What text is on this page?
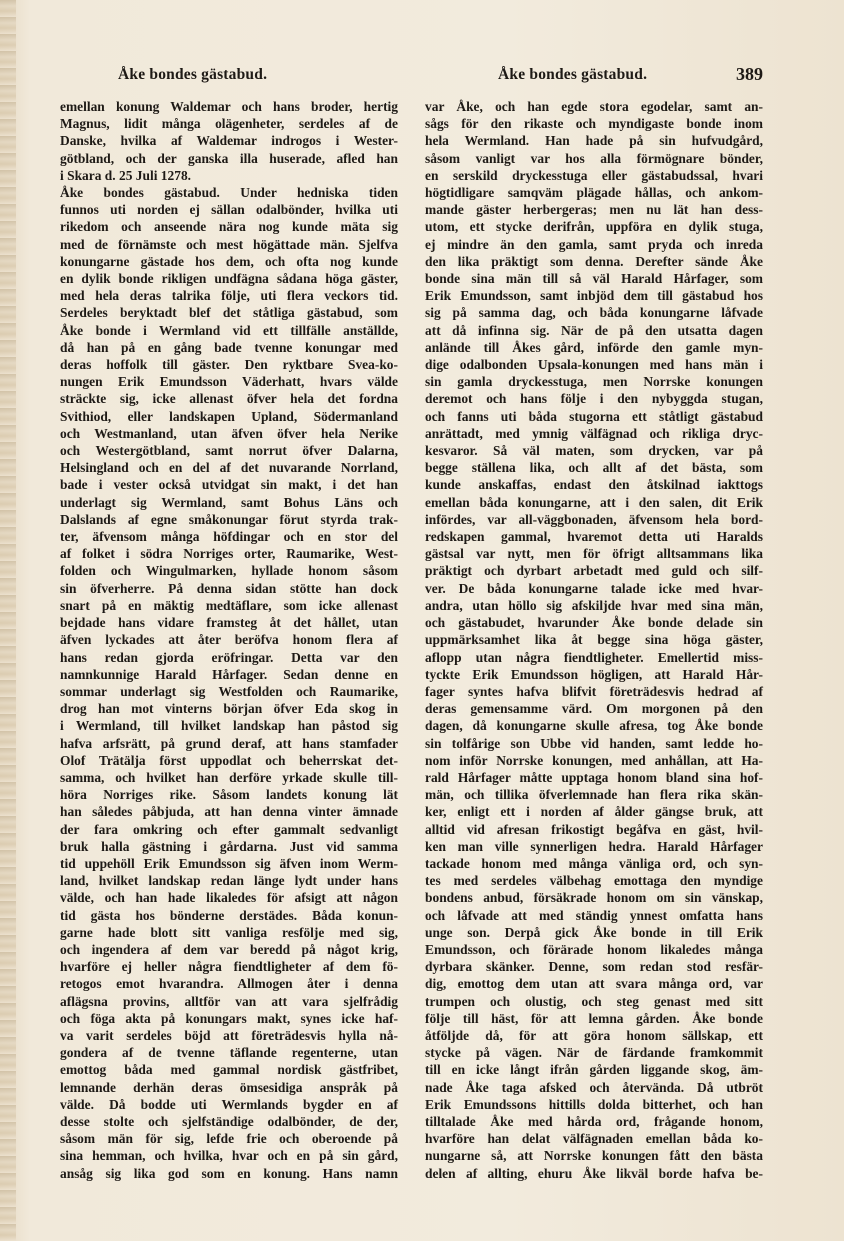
Åke bondes gästabud.	Åke bondes gästabud.	389
emellan konung Waldemar och hans broder, hertig
Magnus, lidit många olägenheter, serdeles af de
Danske, hvilka af Waldemar indrogos i Wester-
götbland, och der ganska illa huserade, afled han
i Skara d. 25 Juli 1278.
Åke bondes gästabud. Under hedniska tiden
funnos uti norden ej sällan odalbönder, hvilka uti
rikedom och anseende nära nog kunde mäta sig
med de förnämste och mest högättade män. Sjelfva
konungarne gästade hos dem, och ofta nog kunde
en dylik bonde rikligen undfägna sådana höga gäster,
med hela deras talrika följe, uti flera veckors tid.
Serdeles beryktadt blef det ståtliga gästabud, som
Åke bonde i Wermland vid ett tillfälle anställde,
då han på en gång bade tvenne konungar med
deras hoffolk till gäster. Den ryktbare Svea-ko-
nungen Erik Emundsson Väderhatt, hvars välde
sträckte sig, icke allenast öfver hela det fordna
Svithiod, eller landskapen Upland, Södermanland
och Westmanland, utan äfven öfver hela Nerike
och Westergötbland, samt norrut öfver Dalarna,
Helsingland och en del af det nuvarande Norrland,
bade i vester också utvidgat sin makt, i det han
underlagt sig Wermland, samt Bohus Läns och
Dalslands af egne småkonungar förut styrda trak-
ter, äfvensom många höfdingar och en stor del
af folket i södra Norriges orter, Raumarike, West-
folden och Wingulmarken, hyllade honom såsom
sin öfverherre. På denna sidan stötte han dock
snart på en mäktig medtäflare, som icke allenast
bejdade hans vidare framsteg åt det hållet, utan
äfven lyckades att åter beröfva honom flera af
hans redan gjorda eröfringar. Detta var den
namnkunnige Harald Hårfager. Sedan denne en
sommar underlagt sig Westfolden och Raumarike,
drog han mot vinterns början öfver Eda skog in
i Wermland, till hvilket landskap han påstod sig
hafva arfsrätt, på grund deraf, att hans stamfader
Olof Trätälja först uppodlat och beherrskat det-
samma, och hvilket han derföre yrkade skulle till-
höra Norriges rike. Såsom landets konung lät
han således påbjuda, att han denna vinter ämnade
der fara omkring och efter gammalt sedvanligt
bruk halla gästning i gårdarna. Just vid samma
tid uppehöll Erik Emundsson sig äfven inom Werm-
land, hvilket landskap redan länge lydt under hans
välde, och han hade likaledes för afsigt att någon
tid gästa hos bönderne derstädes. Båda konun-
garne hade blott sitt vanliga resfölje med sig,
och ingendera af dem var beredd på något krig,
hvarföre ej heller några fiendtligheter af dem fö-
retogos emot hvarandra. Allmogen åter i denna
aflägsna provins, alltför van att vara sjelfrådig
och föga akta på konungars makt, synes icke haf-
va varit serdeles böjd att företrädesvis hylla nå-
gondera af de tvenne täflande regenterne, utan
emottog båda med gammal nordisk gästfribet,
lemnande derhän deras ömsesidiga anspråk på
välde. Då bodde uti Wermlands bygder en af
desse stolte och sjelfständige odalbönder, de der,
såsom män för sig, lefde frie och oberoende på
sina hemman, och hvilka, hvar och en på sin gård,
ansåg sig lika god som en konung. Hans namn
var Åke, och han egde stora egodelar, samt an-
sågs för den rikaste och myndigaste bonde inom
hela Wermland. Han hade på sin hufvudgård,
såsom vanligt var hos alla förmögnare bönder,
en serskild dryckesstuga eller gästabudssal, hvari
högtidligare samqväm plägade hållas, och ankom-
mande gäster herbergeras; men nu lät han dess-
utom, ett stycke derifrån, uppföra en dylik stuga,
ej mindre än den gamla, samt pryda och inreda
den lika präktigt som denna. Derefter sände Åke
bonde sina män till så väl Harald Hårfager, som
Erik Emundsson, samt inbjöd dem till gästabud hos
sig på samma dag, och båda konungarne låfvade
att då infinna sig. När de på den utsatta dagen
anlände till Åkes gård, införde den gamle myn-
dige odalbonden Upsala-konungen med hans män i
sin gamla dryckesstuga, men Norrske konungen
deremot och hans följe i den nybyggda stugan,
och fanns uti båda stugorna ett ståtligt gästabud
anrättadt, med ymnig välfägnad och rikliga dryc-
kesvaror. Så väl maten, som drycken, var på
begge ställena lika, och allt af det bästa, som
kunde anskaffas, endast den åtskilnad iakttogs
emellan båda konungarne, att i den salen, dit Erik
infördes, var all-väggbonaden, äfvensom hela bord-
redskapen gammal, hvaremot detta uti Haralds
gästsal var nytt, men för öfrigt alltsammans lika
präktigt och dyrbart arbetadt med guld och silf-
ver. De båda konungarne talade icke med hvar-
andra, utan höllo sig afskiljde hvar med sina män,
och gästabudet, hvarunder Åke bonde delade sin
uppmärksamhet lika åt begge sina höga gäster,
aflopp utan några fiendtligheter. Emellertid miss-
tyckte Erik Emundsson högligen, att Harald Hår-
fager syntes hafva blifvit företrädesvis hedrad af
deras gemensamme värd. Om morgonen på den
dagen, då konungarne skulle afresa, tog Åke bonde
sin tolfårige son Ubbe vid handen, samt ledde ho-
nom inför Norrske konungen, med anhållan, att Ha-
rald Hårfager måtte upptaga honom bland sina hof-
män, och tillika öfverlemnade han flera rika skän-
ker, enligt ett i norden af ålder gängse bruk, att
alltid vid afresan frikostigt begåfva en gäst, hvil-
ken man ville synnerligen hedra. Harald Hårfager
tackade honom med många vänliga ord, och syn-
tes med serdeles välbehag emottaga den myndige
bondens anbud, försäkrade honom om sin vänskap,
och låfvade att med ständig ynnest omfatta hans
unge son. Derpå gick Åke bonde in till Erik
Emundsson, och förärade honom likaledes många
dyrbara skänker. Denne, som redan stod resfär-
dig, emottog dem utan att svara många ord, var
trumpen och olustig, och steg genast med sitt
följe till häst, för att lemna gården. Åke bonde
åtföljde då, för att göra honom sällskap, ett
stycke på vägen. När de färdande framkommit
till en icke långt ifrån gården liggande skog, äm-
nade Åke taga afsked och återvända. Då utbröt
Erik Emundssons hittills dolda bitterhet, och han
tilltalade Åke med hårda ord, frågande honom,
hvarföre han delat välfägnaden emellan båda ko-
nungarne så, att Norrske konungen fått den bästa
delen af allting, ehuru Åke likväl borde hafva be-
